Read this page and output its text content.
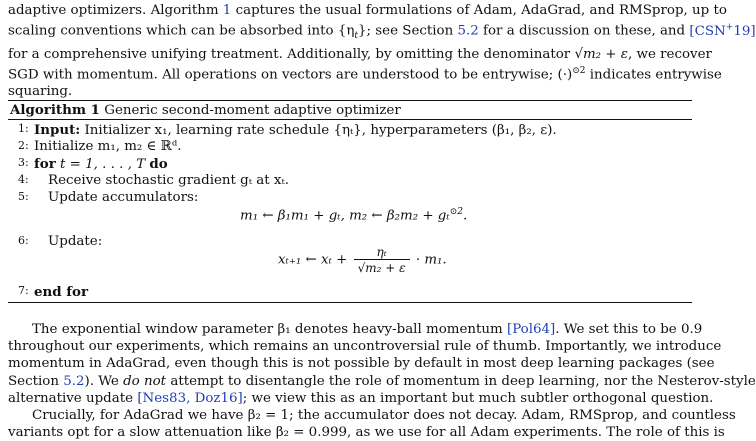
adaptive optimizers. Algorithm 1 captures the usual formulations of Adam, AdaGrad, and RMSprop, up to
scaling conventions which can be absorbed into $\{\eta_t\}$; see Section 5.2 for a discussion on these, and [CSN+19]
for a comprehensive unifying treatment. Additionally, by omitting the denominator √m₂ + ε, we recover
SGD with momentum. All operations on vectors are understood to be entrywise; $(\cdot)^{⊙2}$ indicates entrywise
squaring.
Algorithm 1 Generic second-moment adaptive optimizer
1: Input: Initializer x₁, learning rate schedule {ηₜ}, hyperparameters (β₁, β₂, ε).
2: Initialize m₁, m₂ ∈ ℝᵈ.
3: for t = 1, . . . , T do
4: Receive stochastic gradient gₜ at xₜ.
5: Update accumulators:
m₁ ← β₁m₁ + gₜ, m₂ ← β₂m₂ + gₜ$^{⊙2}$.
6: Update:
xₜ₊₁ ← $x_t + \frac{\text{ηₜ}}{\text{√m₂ + ε}} \cdot m_1$.
7: end for
The exponential window parameter β₁ denotes heavy-ball momentum [Pol64]. We set this to be 0.9
throughout our experiments, which remains an uncontroversial rule of thumb. Importantly, we introduce
momentum in AdaGrad, even though this is not possible by default in most deep learning packages (see
Section 5.2). We do not attempt to disentangle the role of momentum in deep learning, nor the Nesterov-style
alternative update [Nes83, Doz16]; we view this as an important but much subtler orthogonal question.
Crucially, for AdaGrad we have β₂ = 1; the accumulator does not decay. Adam, RMSprop, and countless
variants opt for a slow attenuation like β₂ = 0.999, as we use for all Adam experiments. The role of this is
